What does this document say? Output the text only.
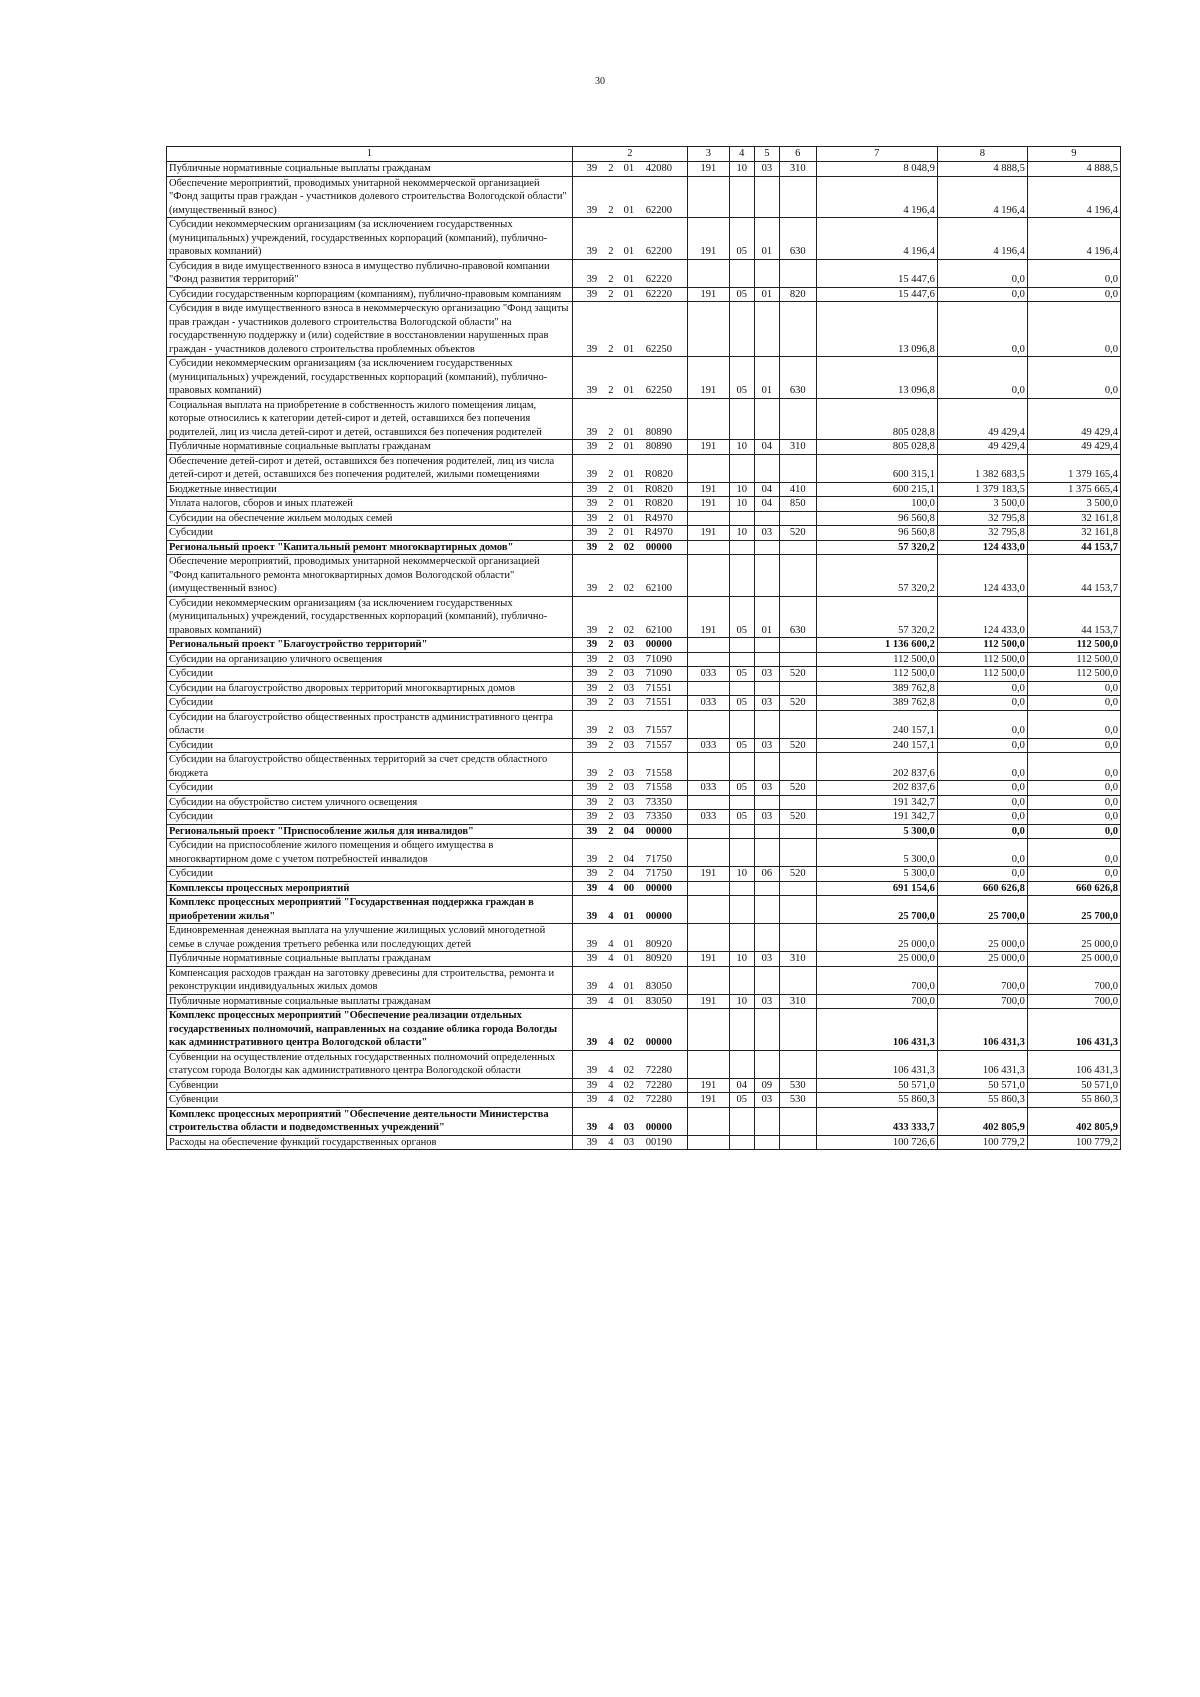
30
1	2	3	4	5	6	7	8	9
Публичные нормативные социальные выплаты гражданам	39 2 01 42080	191	10	03	310	8 048,9	4 888,5	4 888,5
Обеспечение мероприятий, проводимых унитарной некоммерческой организацией "Фонд защиты прав граждан - участников долевого строительства Вологодской области" (имущественный взнос)	39 2 01 62200					4 196,4	4 196,4	4 196,4
Субсидии некоммерческим организациям (за исключением государственных (муниципальных) учреждений, государственных корпораций (компаний), публично-правовых компаний)	39 2 01 62200	191	05	01	630	4 196,4	4 196,4	4 196,4
Субсидия в виде имущественного взноса в имущество публично-правовой компании "Фонд развития территорий"	39 2 01 62220					15 447,6	0,0	0,0
Субсидии государственным корпорациям (компаниям), публично-правовым компаниям	39 2 01 62220	191	05	01	820	15 447,6	0,0	0,0
Субсидия в виде имущественного взноса в некоммерческую организацию "Фонд защиты прав граждан - участников долевого строительства Вологодской области" на государственную поддержку и (или) содействие в восстановлении нарушенных прав граждан - участников долевого строительства проблемных объектов	39 2 01 62250					13 096,8	0,0	0,0
Субсидии некоммерческим организациям (за исключением государственных (муниципальных) учреждений, государственных корпораций (компаний), публично-правовых компаний)	39 2 01 62250	191	05	01	630	13 096,8	0,0	0,0
Социальная выплата на приобретение в собственность жилого помещения лицам, которые относились к категории детей-сирот и детей, оставшихся без попечения родителей, лиц из числа детей-сирот и детей, оставшихся без попечения родителей	39 2 01 80890					805 028,8	49 429,4	49 429,4
Публичные нормативные социальные выплаты гражданам	39 2 01 80890	191	10	04	310	805 028,8	49 429,4	49 429,4
Обеспечение детей-сирот и детей, оставшихся без попечения родителей, лиц из числа детей-сирот и детей, оставшихся без попечения родителей, жилыми помещениями	39 2 01 R0820					600 315,1	1 382 683,5	1 379 165,4
Бюджетные инвестиции	39 2 01 R0820	191	10	04	410	600 215,1	1 379 183,5	1 375 665,4
Уплата налогов, сборов и иных платежей	39 2 01 R0820	191	10	04	850	100,0	3 500,0	3 500,0
Субсидии на обеспечение жильем молодых семей	39 2 01 R4970					96 560,8	32 795,8	32 161,8
Субсидии	39 2 01 R4970	191	10	03	520	96 560,8	32 795,8	32 161,8
Региональный проект "Капитальный ремонт многоквартирных домов"	39 2 02 00000					57 320,2	124 433,0	44 153,7
Обеспечение мероприятий, проводимых унитарной некоммерческой организацией "Фонд капитального ремонта многоквартирных домов Вологодской области" (имущественный взнос)	39 2 02 62100					57 320,2	124 433,0	44 153,7
Субсидии некоммерческим организациям (за исключением государственных (муниципальных) учреждений, государственных корпораций (компаний), публично-правовых компаний)	39 2 02 62100	191	05	01	630	57 320,2	124 433,0	44 153,7
Региональный проект "Благоустройство территорий"	39 2 03 00000					1 136 600,2	112 500,0	112 500,0
Субсидии на организацию уличного освещения	39 2 03 71090					112 500,0	112 500,0	112 500,0
Субсидии	39 2 03 71090	033	05	03	520	112 500,0	112 500,0	112 500,0
Субсидии на благоустройство дворовых территорий многоквартирных домов	39 2 03 71551					389 762,8	0,0	0,0
Субсидии	39 2 03 71551	033	05	03	520	389 762,8	0,0	0,0
Субсидии на благоустройство общественных пространств административного центра области	39 2 03 71557					240 157,1	0,0	0,0
Субсидии	39 2 03 71557	033	05	03	520	240 157,1	0,0	0,0
Субсидии на благоустройство общественных территорий за счет средств областного бюджета	39 2 03 71558					202 837,6	0,0	0,0
Субсидии	39 2 03 71558	033	05	03	520	202 837,6	0,0	0,0
Субсидии на обустройство систем уличного освещения	39 2 03 73350					191 342,7	0,0	0,0
Субсидии	39 2 03 73350	033	05	03	520	191 342,7	0,0	0,0
Региональный проект "Приспособление жилья для инвалидов"	39 2 04 00000					5 300,0	0,0	0,0
Субсидии на приспособление жилого помещения и общего имущества в многоквартирном доме с учетом потребностей инвалидов	39 2 04 71750					5 300,0	0,0	0,0
Субсидии	39 2 04 71750	191	10	06	520	5 300,0	0,0	0,0
Комплексы процессных мероприятий	39 4 00 00000					691 154,6	660 626,8	660 626,8
Комплекс процессных мероприятий "Государственная поддержка граждан в приобретении жилья"	39 4 01 00000					25 700,0	25 700,0	25 700,0
Единовременная денежная выплата на улучшение жилищных условий многодетной семье в случае рождения третьего ребенка или последующих детей	39 4 01 80920					25 000,0	25 000,0	25 000,0
Публичные нормативные социальные выплаты гражданам	39 4 01 80920	191	10	03	310	25 000,0	25 000,0	25 000,0
Компенсация расходов граждан на заготовку древесины для строительства, ремонта и реконструкции индивидуальных жилых домов	39 4 01 83050					700,0	700,0	700,0
Публичные нормативные социальные выплаты гражданам	39 4 01 83050	191	10	03	310	700,0	700,0	700,0
Комплекс процессных мероприятий "Обеспечение реализации отдельных государственных полномочий, направленных на создание облика города Вологды как административного центра Вологодской области"	39 4 02 00000					106 431,3	106 431,3	106 431,3
Субвенции на осуществление отдельных государственных полномочий определенных статусом города Вологды как административного центра Вологодской области	39 4 02 72280					106 431,3	106 431,3	106 431,3
Субвенции	39 4 02 72280	191	04	09	530	50 571,0	50 571,0	50 571,0
Субвенции	39 4 02 72280	191	05	03	530	55 860,3	55 860,3	55 860,3
Комплекс процессных мероприятий "Обеспечение деятельности Министерства строительства области и подведомственных учреждений"	39 4 03 00000					433 333,7	402 805,9	402 805,9
Расходы на обеспечение функций государственных органов	39 4 03 00190					100 726,6	100 779,2	100 779,2
